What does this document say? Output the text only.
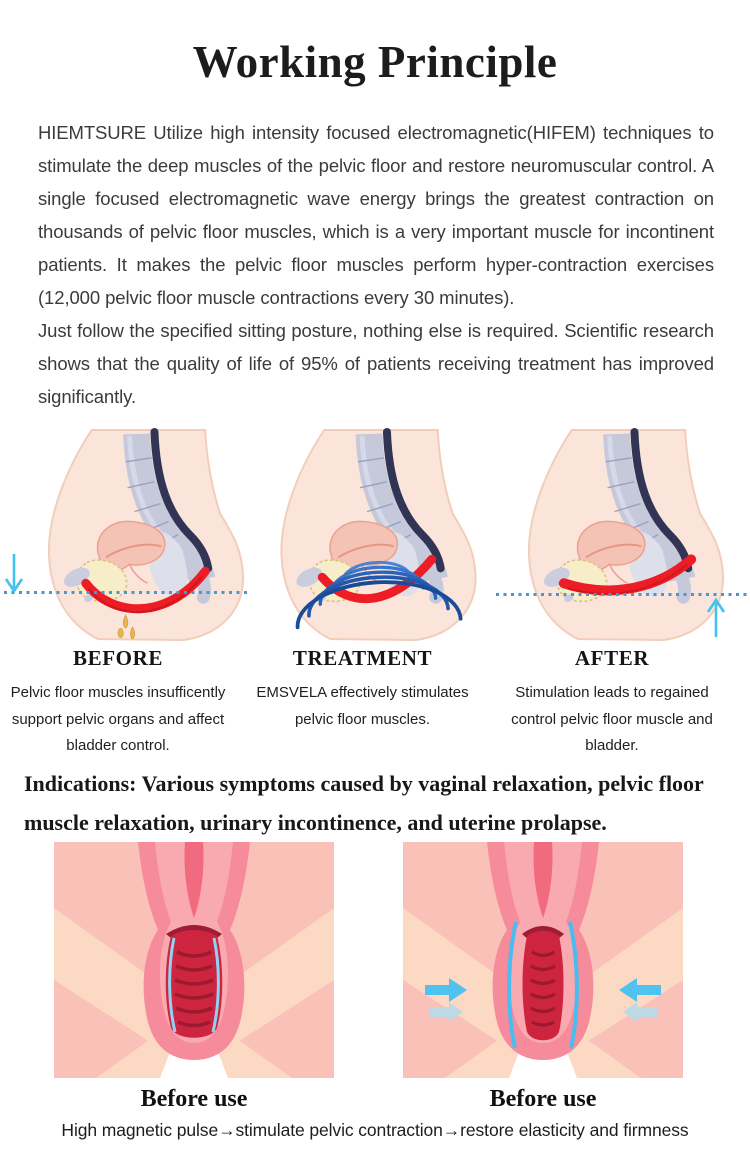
Working Principle

HIEMTSURE Utilize high intensity focused electromagnetic(HIFEM) techniques to stimulate the deep muscles of the pelvic floor and restore neuromuscular control. A single focused electromagnetic wave energy brings the greatest contraction on thousands of pelvic floor muscles, which is a very important muscle for incontinent patients. It makes the pelvic floor muscles perform hyper-contraction exercises (12,000 pelvic floor muscle contractions every 30 minutes).

Just follow the specified sitting posture, nothing else is required. Scientific research shows that the quality of life of 95% of patients receiving treatment has improved significantly.

BEFORE
Pelvic floor muscles insufficently
support pelvic organs and affect
bladder control.
TREATMENT
EMSVELA effectively stimulates
pelvic floor muscles.
AFTER
Stimulation leads to regained
control pelvic floor muscle and
bladder.
Indications: Various symptoms caused by vaginal relaxation, pelvic floor
muscle relaxation, urinary incontinence, and uterine prolapse.
Before use	Before use
High magnetic pulse→stimulate pelvic contraction→restore elasticity and firmness
